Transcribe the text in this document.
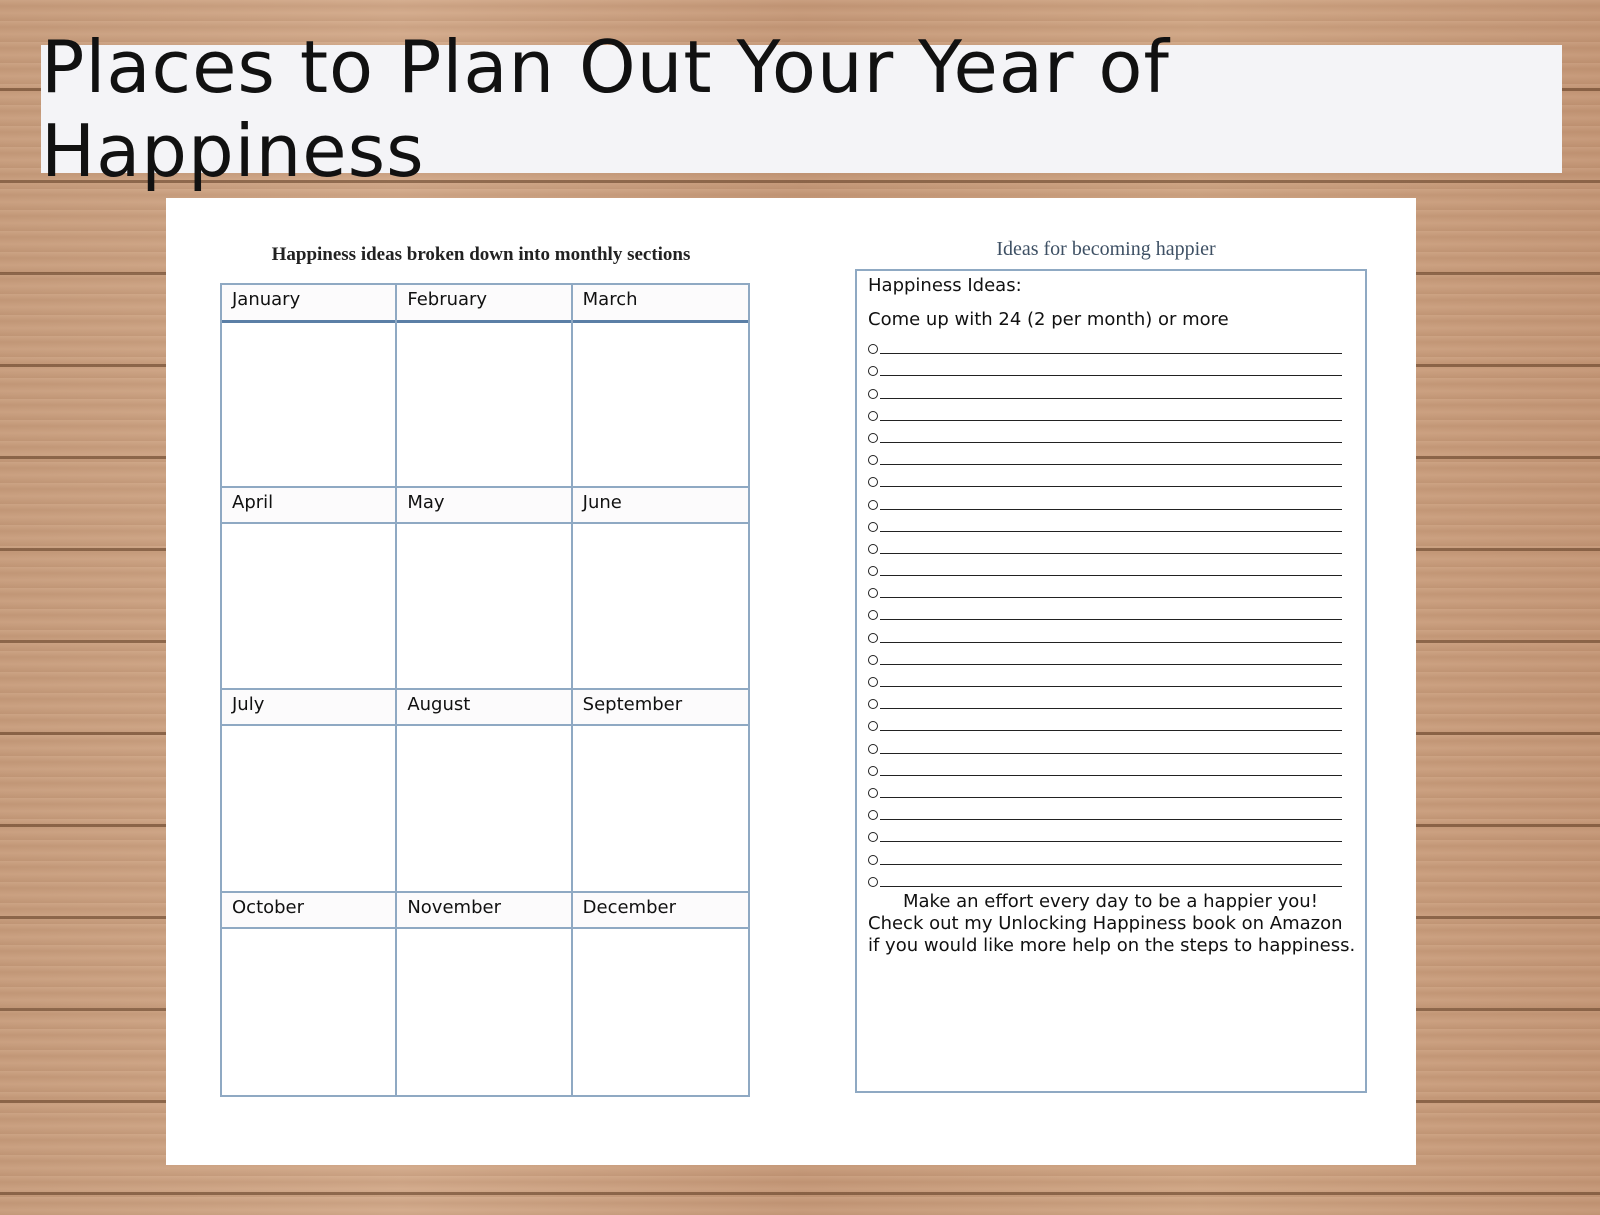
Places to Plan Out Your Year of Happiness
Happiness ideas broken down into monthly sections
January	February	March
April	May	June
July	August	September
October	November	December
Ideas for becoming happier
Happiness Ideas:
Come up with 24 (2 per month) or more
Make an effort every day to be a happier you!
Check out my Unlocking Happiness book on Amazon
if you would like more help on the steps to happiness.
